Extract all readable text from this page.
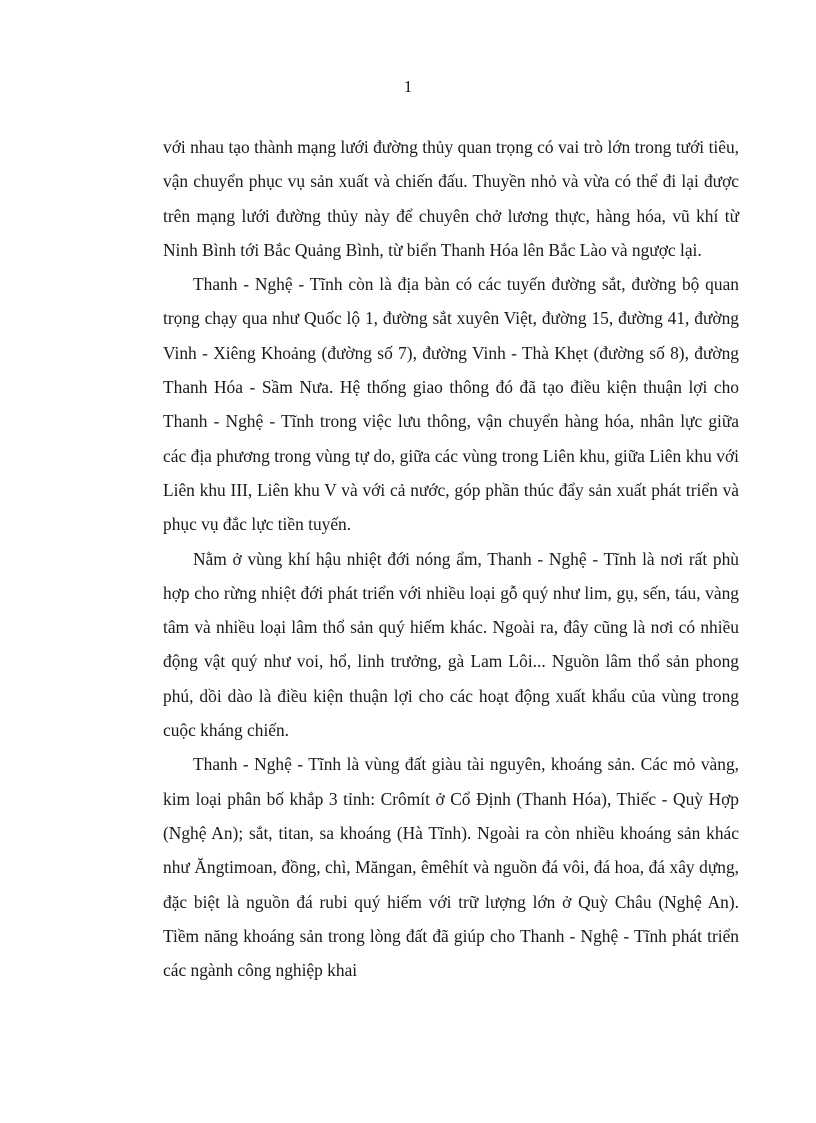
1

với nhau tạo thành mạng lưới đường thủy quan trọng có vai trò lớn trong tưới tiêu, vận chuyển phục vụ sản xuất và chiến đấu. Thuyền nhỏ và vừa có thể đi lại được trên mạng lưới đường thủy này để chuyên chở lương thực, hàng hóa, vũ khí từ Ninh Bình tới Bắc Quảng Bình, từ biển Thanh Hóa lên Bắc Lào và ngược lại.

Thanh - Nghệ - Tĩnh còn là địa bàn có các tuyến đường sắt, đường bộ quan trọng chạy qua như Quốc lộ 1, đường sắt xuyên Việt, đường 15, đường 41, đường Vinh - Xiêng Khoảng (đường số 7), đường Vinh - Thà Khẹt (đường số 8), đường Thanh Hóa - Sầm Nưa. Hệ thống giao thông đó đã tạo điều kiện thuận lợi cho Thanh - Nghệ - Tĩnh trong việc lưu thông, vận chuyển hàng hóa, nhân lực giữa các địa phương trong vùng tự do, giữa các vùng trong Liên khu, giữa Liên khu với Liên khu III, Liên khu V và với cả nước, góp phần thúc đẩy sản xuất phát triển và phục vụ đắc lực tiền tuyến.

Nằm ở vùng khí hậu nhiệt đới nóng ẩm, Thanh - Nghệ - Tĩnh là nơi rất phù hợp cho rừng nhiệt đới phát triển với nhiều loại gỗ quý như lim, gụ, sến, táu, vàng tâm và nhiều loại lâm thổ sản quý hiếm khác. Ngoài ra, đây cũng là nơi có nhiều động vật quý như voi, hổ, linh trưởng, gà Lam Lôi... Nguồn lâm thổ sản phong phú, dồi dào là điều kiện thuận lợi cho các hoạt động xuất khẩu của vùng trong cuộc kháng chiến.

Thanh - Nghệ - Tĩnh là vùng đất giàu tài nguyên, khoáng sản. Các mỏ vàng, kim loại phân bố khắp 3 tỉnh: Crômít ở Cổ Định (Thanh Hóa), Thiếc - Quỳ Hợp (Nghệ An); sắt, titan, sa khoáng (Hà Tĩnh). Ngoài ra còn nhiều khoáng sản khác như Ăngtimoan, đồng, chì, Măngan, êmêhít và nguồn đá vôi, đá hoa, đá xây dựng, đặc biệt là nguồn đá rubi quý hiếm với trữ lượng lớn ở Quỳ Châu (Nghệ An). Tiềm năng khoáng sản trong lòng đất đã giúp cho Thanh - Nghệ - Tĩnh phát triển các ngành công nghiệp khai
